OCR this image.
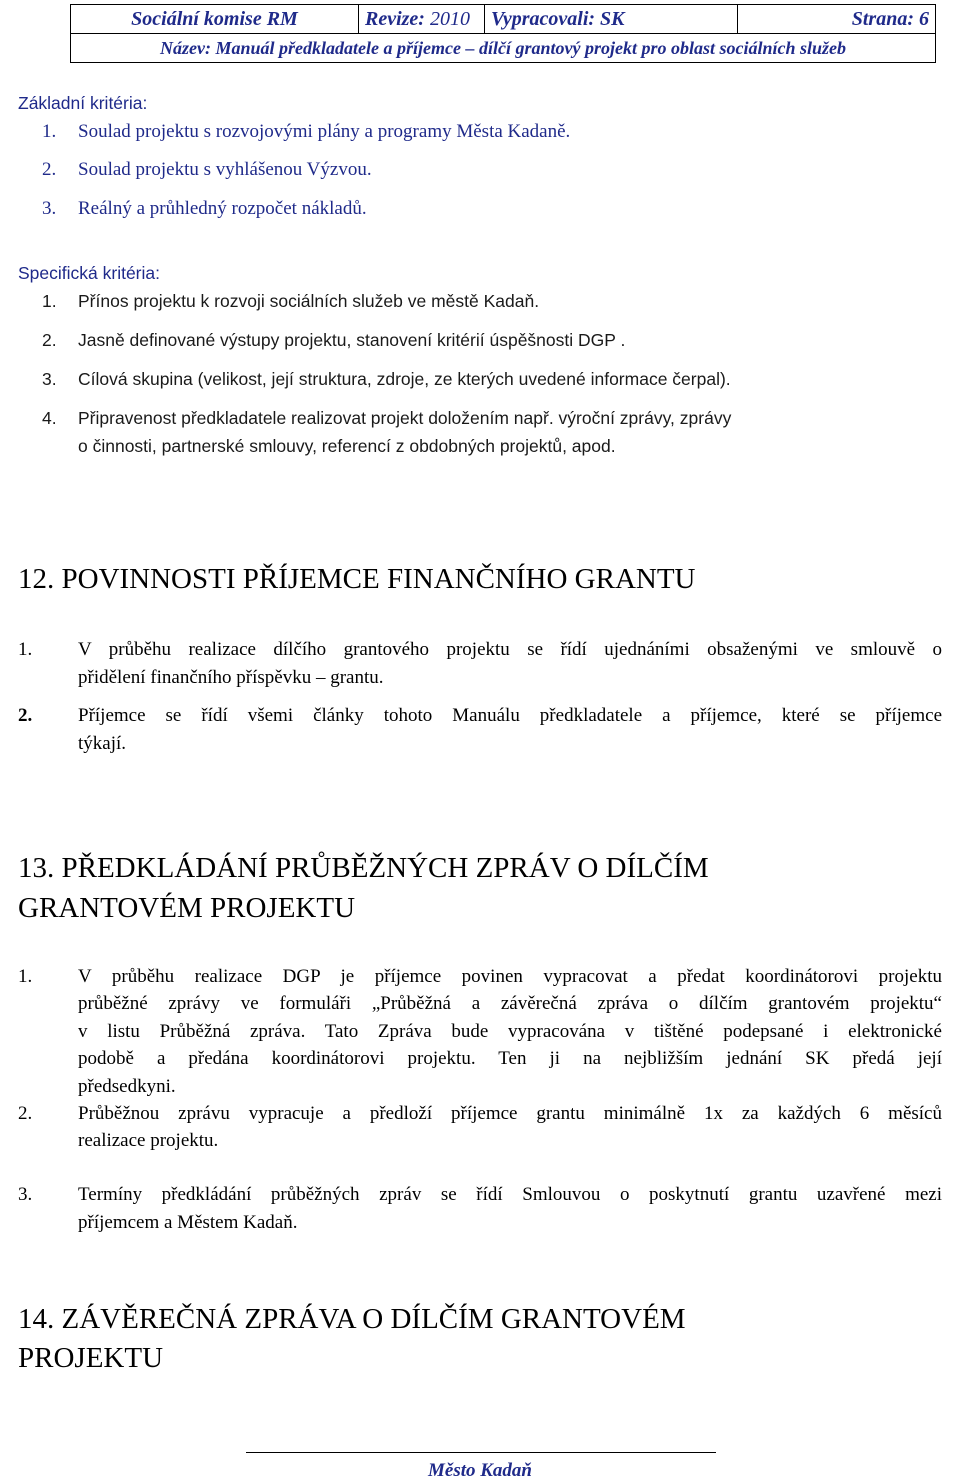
Sociální komise RM	Revize: 2010	Vypracovali: SK	Strana: 6
Název: Manuál předkladatele a příjemce – dílčí grantový projekt pro oblast sociálních služeb
Základní kritéria:
1. Soulad projektu s rozvojovými plány a programy Města Kadaně.
2. Soulad projektu s vyhlášenou Výzvou.
3. Reálný a průhledný rozpočet nákladů.
Specifická kritéria:
1. Přínos projektu k rozvoji sociálních služeb ve městě Kadaň.
2. Jasně definované výstupy projektu, stanovení kritérií úspěšnosti DGP .
3. Cílová skupina (velikost, její struktura, zdroje, ze kterých uvedené informace čerpal).
4. Připravenost předkladatele realizovat projekt doložením např. výroční zprávy, zprávy
o činnosti, partnerské smlouvy, referencí z obdobných projektů, apod.
12. POVINNOSTI PŘÍJEMCE FINANČNÍHO GRANTU
1. V průběhu realizace dílčího grantového projektu se řídí ujednáními obsaženými ve smlouvě o
přidělení finančního příspěvku – grantu.
2. Příjemce se řídí všemi články tohoto Manuálu předkladatele a příjemce, které se příjemce
týkají.
13. PŘEDKLÁDÁNÍ PRŮBĚŽNÝCH ZPRÁV O DÍLČÍM
GRANTOVÉM PROJEKTU
1. V průběhu realizace DGP je příjemce povinen vypracovat a předat koordinátorovi projektu
průběžné zprávy ve formuláři „Průběžná a závěrečná zpráva o dílčím grantovém projektu“
v listu Průběžná zpráva. Tato Zpráva bude vypracována v tištěné podepsané i elektronické
podobě a předána koordinátorovi projektu. Ten ji na nejbližším jednání SK předá její
předsedkyni.
2. Průběžnou zprávu vypracuje a předloží příjemce grantu minimálně 1x za každých 6 měsíců
realizace projektu.
3. Termíny předkládání průběžných zpráv se řídí Smlouvou o poskytnutí grantu uzavřené mezi
příjemcem a Městem Kadaň.
14. ZÁVĚREČNÁ ZPRÁVA O DÍLČÍM GRANTOVÉM
PROJEKTU
Město Kadaň
